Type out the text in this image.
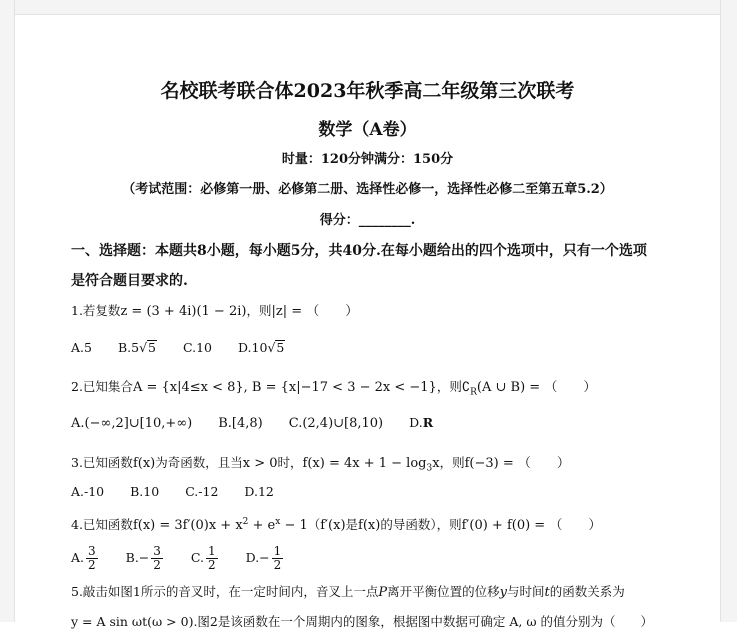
名校联考联合体2023年秋季高二年级第三次联考
数学（A卷）
时量：120分钟满分：150分
（考试范围：必修第一册、必修第二册、选择性必修一，选择性必修二至第五章5.2）
得分：________.
一、选择题：本题共8小题，每小题5分，共40分.在每小题给出的四个选项中，只有一个选项
是符合题目要求的.
1.若复数z = (3 + 4i)(1 − 2i)，则|z| = （　　）
A.5 B.5√5 C.10 D.10√5
2.已知集合A = {x|4≤x < 8}, B = {x|−17 < 3 − 2x < −1}，则$∁_R(A$ ∪ B) = （　　）
A.(−∞,2]∪[10,+∞) B.[4,8) C.(2,4)∪[8,10) D.R
3.已知函数f(x)为奇函数，且当x > 0时，$f(x) = 4x + 1 - \log_3x$，则f(−3) = （　　）
A.-10 B.10 C.-12 D.12
4.已知函数$f(x) = 3f'(0)x + x^2 + e^x - 1(f'(x)$是f(x)的导函数），则f′(0) + f(0) = （　　）
A. $\frac{3}{2} B.- \frac{3}{2} C$. $\frac{1}{2} D.- \frac{1}{2}$
5.敲击如图1所示的音叉时，在一定时间内，音叉上一点P离开平衡位置的位移y与时间t的函数关系为
y = A sin ωt(ω > 0).图2是该函数在一个周期内的图象，根据图中数据可确定 A, ω 的值分别为（　　）
